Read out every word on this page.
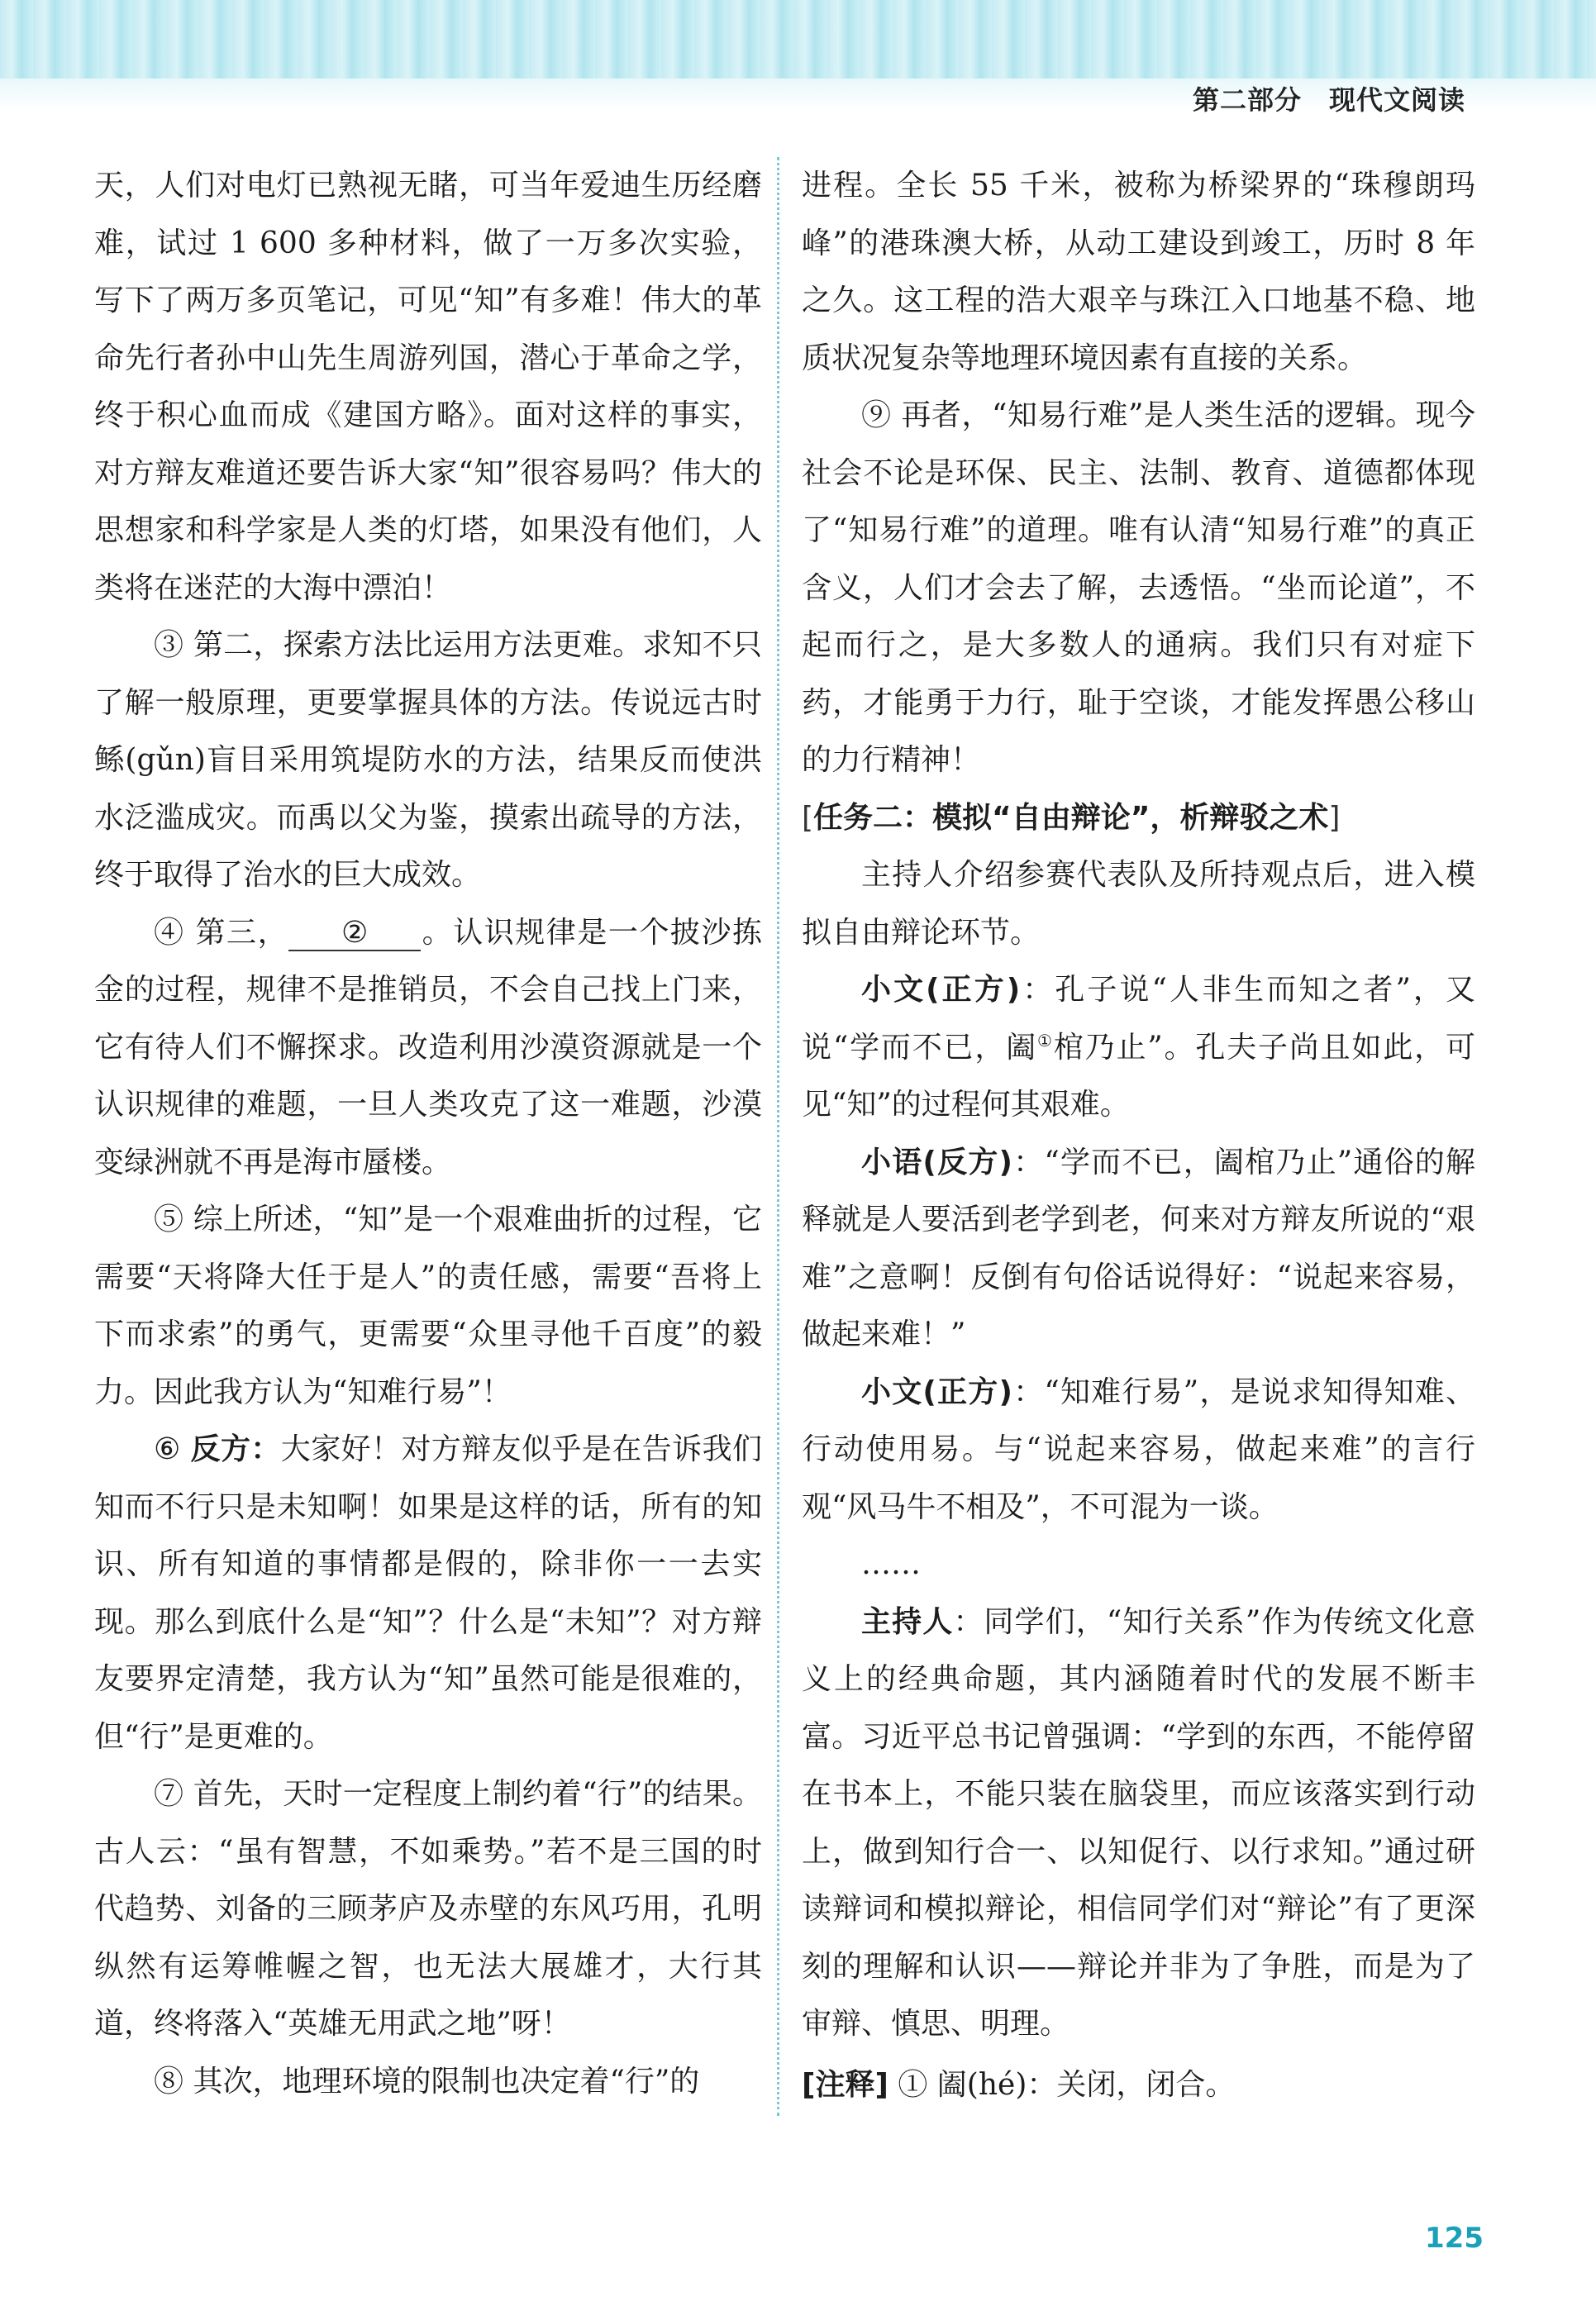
第二部分　现代文阅读

天，人们对电灯已熟视无睹，可当年爱迪生历经磨难，试过 1 600 多种材料，做了一万多次实验，写下了两万多页笔记，可见“知”有多难！伟大的革命先行者孙中山先生周游列国，潜心于革命之学，终于积心血而成《建国方略》。面对这样的事实，对方辩友难道还要告诉大家“知”很容易吗？伟大的思想家和科学家是人类的灯塔，如果没有他们，人类将在迷茫的大海中漂泊！

③ 第二，探索方法比运用方法更难。求知不只了解一般原理，更要掌握具体的方法。传说远古时鲧(gǔn)盲目采用筑堤防水的方法，结果反而使洪水泛滥成灾。而禹以父为鉴，摸索出疏导的方法，终于取得了治水的巨大成效。

④ 第三， ② 。认识规律是一个披沙拣金的过程，规律不是推销员，不会自己找上门来，它有待人们不懈探求。改造利用沙漠资源就是一个认识规律的难题，一旦人类攻克了这一难题，沙漠变绿洲就不再是海市蜃楼。

⑤ 综上所述，“知”是一个艰难曲折的过程，它需要“天将降大任于是人”的责任感，需要“吾将上下而求索”的勇气，更需要“众里寻他千百度”的毅力。因此我方认为“知难行易”！

⑥ 反方：大家好！对方辩友似乎是在告诉我们知而不行只是未知啊！如果是这样的话，所有的知识、所有知道的事情都是假的，除非你一一去实现。那么到底什么是“知”？什么是“未知”？对方辩友要界定清楚，我方认为“知”虽然可能是很难的，但“行”是更难的。

⑦ 首先，天时一定程度上制约着“行”的结果。古人云：“虽有智慧，不如乘势。”若不是三国的时代趋势、刘备的三顾茅庐及赤壁的东风巧用，孔明纵然有运筹帷幄之智，也无法大展雄才，大行其道，终将落入“英雄无用武之地”呀！

⑧ 其次，地理环境的限制也决定着“行”的

进程。全长 55 千米，被称为桥梁界的“珠穆朗玛峰”的港珠澳大桥，从动工建设到竣工，历时 8 年之久。这工程的浩大艰辛与珠江入口地基不稳、地质状况复杂等地理环境因素有直接的关系。

⑨ 再者，“知易行难”是人类生活的逻辑。现今社会不论是环保、民主、法制、教育、道德都体现了“知易行难”的道理。唯有认清“知易行难”的真正含义，人们才会去了解，去透悟。“坐而论道”，不起而行之，是大多数人的通病。我们只有对症下药，才能勇于力行，耻于空谈，才能发挥愚公移山的力行精神！

[任务二：模拟“自由辩论”，析辩驳之术]

主持人介绍参赛代表队及所持观点后，进入模拟自由辩论环节。

小文(正方)：孔子说“人非生而知之者”，又说“学而不已，阖①棺乃止”。孔夫子尚且如此，可见“知”的过程何其艰难。

小语(反方)：“学而不已，阖棺乃止”通俗的解释就是人要活到老学到老，何来对方辩友所说的“艰难”之意啊！反倒有句俗话说得好：“说起来容易，做起来难！”

小文(正方)：“知难行易”，是说求知得知难、行动使用易。与“说起来容易，做起来难”的言行观“风马牛不相及”，不可混为一谈。

……

主持人：同学们，“知行关系”作为传统文化意义上的经典命题，其内涵随着时代的发展不断丰富。习近平总书记曾强调：“学到的东西，不能停留在书本上，不能只装在脑袋里，而应该落实到行动上，做到知行合一、以知促行、以行求知。”通过研读辩词和模拟辩论，相信同学们对“辩论”有了更深刻的理解和认识——辩论并非为了争胜，而是为了审辩、慎思、明理。

[注释] ① 阖(hé)：关闭，闭合。

125
